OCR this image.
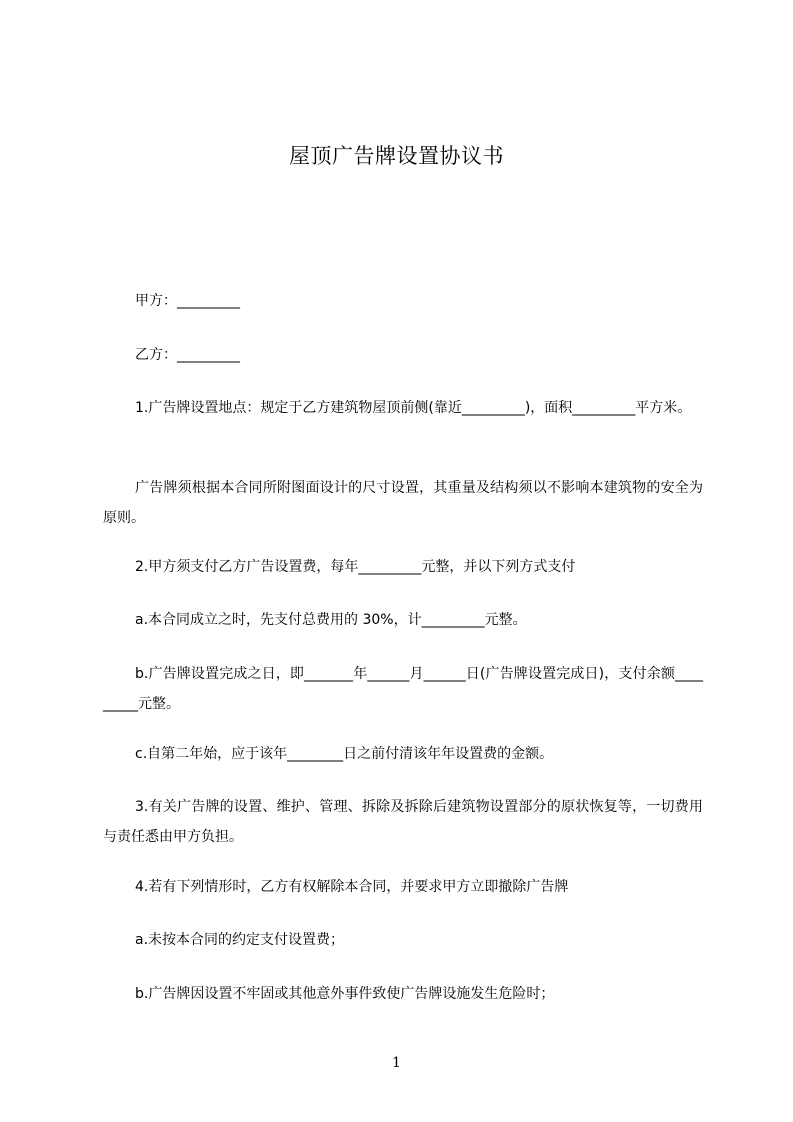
屋顶广告牌设置协议书

甲方：_________

乙方：_________

1.广告牌设置地点：规定于乙方建筑物屋顶前侧(靠近_________)，面积_________平方米。

广告牌须根据本合同所附图面设计的尺寸设置，其重量及结构须以不影响本建筑物的安全为原则。

2.甲方须支付乙方广告设置费，每年_________元整，并以下列方式支付

a.本合同成立之时，先支付总费用的 30%，计_________元整。

b.广告牌设置完成之日，即_______年______月______日(广告牌设置完成日)，支付余额_________元整。

c.自第二年始，应于该年________日之前付清该年年设置费的金额。

3.有关广告牌的设置、维护、管理、拆除及拆除后建筑物设置部分的原状恢复等，一切费用与责任悉由甲方负担。

4.若有下列情形时，乙方有权解除本合同，并要求甲方立即撤除广告牌

a.未按本合同的约定支付设置费；

b.广告牌因设置不牢固或其他意外事件致使广告牌设施发生危险时；

1
